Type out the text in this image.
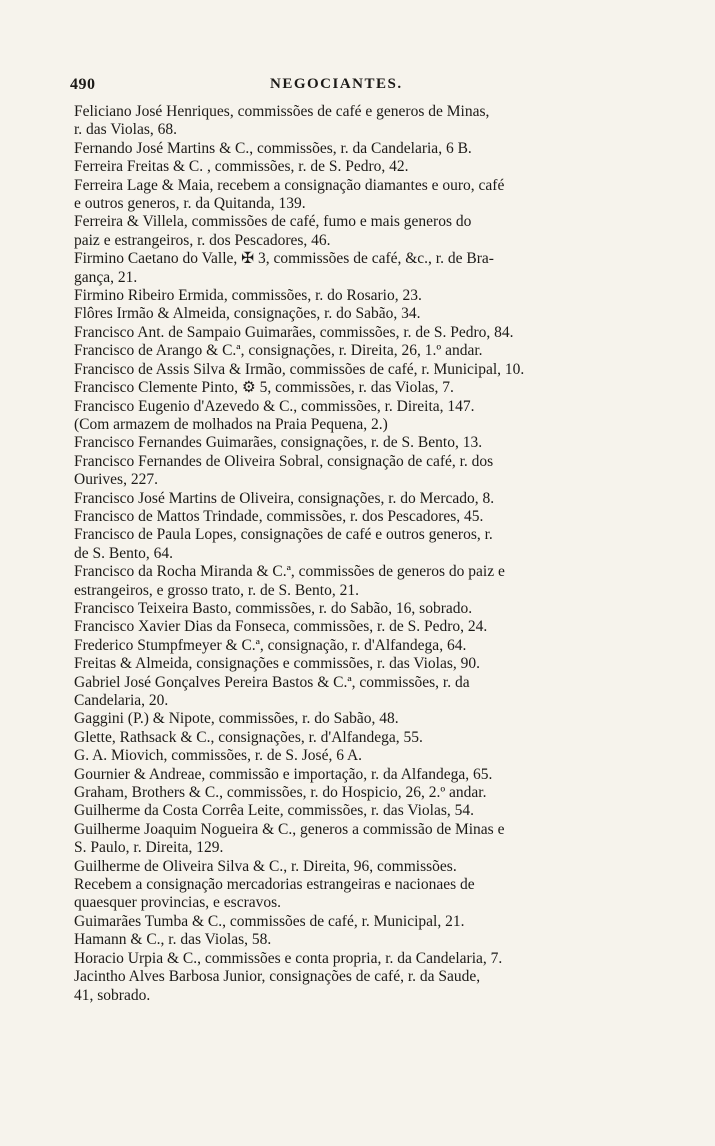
490	NEGOCIANTES.
Feliciano José Henriques, commissões de café e generos de Minas,
r. das Violas, 68.
Fernando José Martins & C., commissões, r. da Candelaria, 6 B.
Ferreira Freitas & C. , commissões, r. de S. Pedro, 42.
Ferreira Lage & Maia, recebem a consignação diamantes e ouro, café
e outros generos, r. da Quitanda, 139.
Ferreira & Villela, commissões de café, fumo e mais generos do
paiz e estrangeiros, r. dos Pescadores, 46.
Firmino Caetano do Valle, ✠ 3, commissões de café, &c., r. de Bra-
gança, 21.
Firmino Ribeiro Ermida, commissões, r. do Rosario, 23.
Flôres Irmão & Almeida, consignações, r. do Sabão, 34.
Francisco Ant. de Sampaio Guimarães, commissões, r. de S. Pedro, 84.
Francisco de Arango & C.ª, consignações, r. Direita, 26, 1.º andar.
Francisco de Assis Silva & Irmão, commissões de café, r. Municipal, 10.
Francisco Clemente Pinto, ⚙ 5, commissões, r. das Violas, 7.
Francisco Eugenio d'Azevedo & C., commissões, r. Direita, 147.
(Com armazem de molhados na Praia Pequena, 2.)
Francisco Fernandes Guimarães, consignações, r. de S. Bento, 13.
Francisco Fernandes de Oliveira Sobral, consignação de café, r. dos
Ourives, 227.
Francisco José Martins de Oliveira, consignações, r. do Mercado, 8.
Francisco de Mattos Trindade, commissões, r. dos Pescadores, 45.
Francisco de Paula Lopes, consignações de café e outros generos, r.
de S. Bento, 64.
Francisco da Rocha Miranda & C.ª, commissões de generos do paiz e
estrangeiros, e grosso trato, r. de S. Bento, 21.
Francisco Teixeira Basto, commissões, r. do Sabão, 16, sobrado.
Francisco Xavier Dias da Fonseca, commissões, r. de S. Pedro, 24.
Frederico Stumpfmeyer & C.ª, consignação, r. d'Alfandega, 64.
Freitas & Almeida, consignações e commissões, r. das Violas, 90.
Gabriel José Gonçalves Pereira Bastos & C.ª, commissões, r. da
Candelaria, 20.
Gaggini (P.) & Nipote, commissões, r. do Sabão, 48.
Glette, Rathsack & C., consignações, r. d'Alfandega, 55.
G. A. Miovich, commissões, r. de S. José, 6 A.
Gournier & Andreae, commissão e importação, r. da Alfandega, 65.
Graham, Brothers & C., commissões, r. do Hospicio, 26, 2.º andar.
Guilherme da Costa Corrêa Leite, commissões, r. das Violas, 54.
Guilherme Joaquim Nogueira & C., generos a commissão de Minas e
S. Paulo, r. Direita, 129.
Guilherme de Oliveira Silva & C., r. Direita, 96, commissões.
Recebem a consignação mercadorias estrangeiras e nacionaes de
quaesquer provincias, e escravos.
Guimarães Tumba & C., commissões de café, r. Municipal, 21.
Hamann & C., r. das Violas, 58.
Horacio Urpia & C., commissões e conta propria, r. da Candelaria, 7.
Jacintho Alves Barbosa Junior, consignações de café, r. da Saude,
41, sobrado.
